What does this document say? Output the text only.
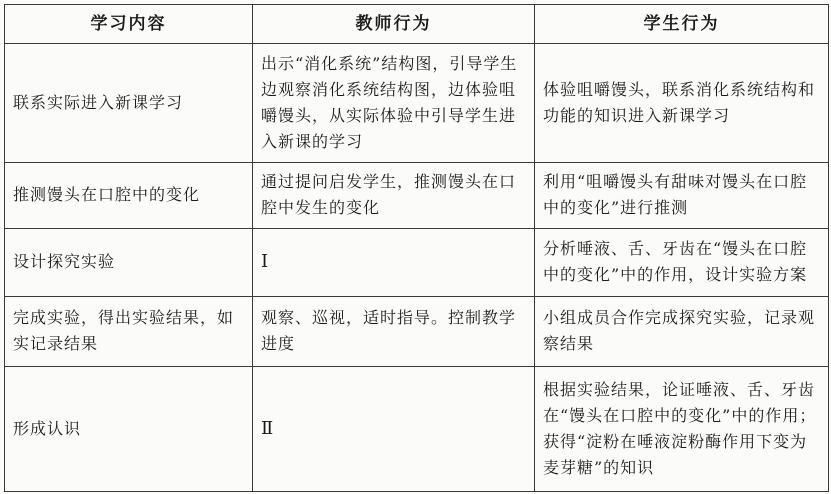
学习内容	教师行为	学生行为
联系实际进入新课学习	出示“消化系统”结构图，引导学生边观察消化系统结构图，边体验咀嚼馒头，从实际体验中引导学生进入新课的学习	体验咀嚼馒头，联系消化系统结构和功能的知识进入新课学习
推测馒头在口腔中的变化	通过提问启发学生，推测馒头在口腔中发生的变化	利用“咀嚼馒头有甜味对馒头在口腔中的变化”进行推测
设计探究实验	Ⅰ	分析唾液、舌、牙齿在“馒头在口腔中的变化”中的作用，设计实验方案
完成实验，得出实验结果，如实记录结果	观察、巡视，适时指导。控制教学进度	小组成员合作完成探究实验，记录观察结果
形成认识	Ⅱ	根据实验结果，论证唾液、舌、牙齿在“馒头在口腔中的变化”中的作用；获得“淀粉在唾液淀粉酶作用下变为麦芽糖”的知识
